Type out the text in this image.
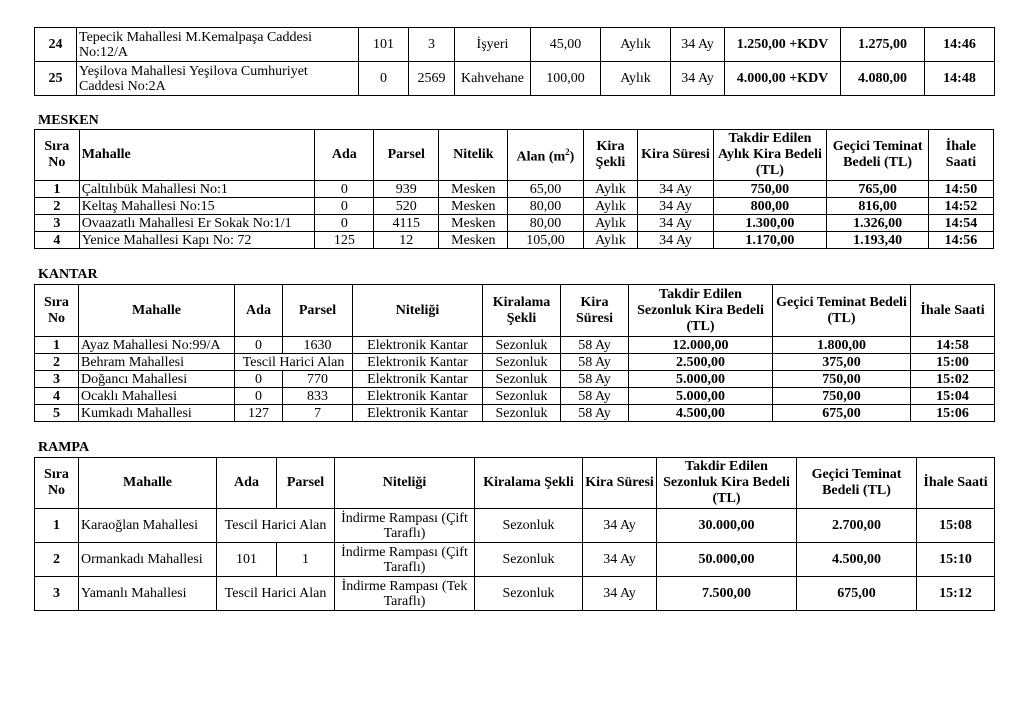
24	Tepecik Mahallesi M.Kemalpaşa Caddesi No:12/A	101	3	İşyeri	45,00	Aylık	34 Ay	1.250,00 +KDV	1.275,00	14:46
25	Yeşilova Mahallesi Yeşilova Cumhuriyet Caddesi No:2A	0	2569	Kahvehane	100,00	Aylık	34 Ay	4.000,00 +KDV	4.080,00	14:48
MESKEN
Sıra No	Mahalle	Ada	Parsel	Nitelik	Alan $(m^2)$	Kira Şekli	Kira Süresi	Takdir Edilen Aylık Kira Bedeli (TL)	Geçici Teminat Bedeli (TL)	İhale Saati
1	Çaltılıbük Mahallesi No:1	0	939	Mesken	65,00	Aylık	34 Ay	750,00	765,00	14:50
2	Keltaş Mahallesi No:15	0	520	Mesken	80,00	Aylık	34 Ay	800,00	816,00	14:52
3	Ovaazatlı Mahallesi Er Sokak No:1/1	0	4115	Mesken	80,00	Aylık	34 Ay	1.300,00	1.326,00	14:54
4	Yenice Mahallesi Kapı No: 72	125	12	Mesken	105,00	Aylık	34 Ay	1.170,00	1.193,40	14:56
KANTAR
Sıra No	Mahalle	Ada	Parsel	Niteliği	Kiralama Şekli	Kira Süresi	Takdir Edilen Sezonluk Kira Bedeli (TL)	Geçici Teminat Bedeli (TL)	İhale Saati
1	Ayaz Mahallesi No:99/A	0	1630	Elektronik Kantar	Sezonluk	58 Ay	12.000,00	1.800,00	14:58
2	Behram Mahallesi	Tescil Harici Alan		Elektronik Kantar	Sezonluk	58 Ay	2.500,00	375,00	15:00
3	Doğancı Mahallesi	0	770	Elektronik Kantar	Sezonluk	58 Ay	5.000,00	750,00	15:02
4	Ocaklı Mahallesi	0	833	Elektronik Kantar	Sezonluk	58 Ay	5.000,00	750,00	15:04
5	Kumkadı Mahallesi	127	7	Elektronik Kantar	Sezonluk	58 Ay	4.500,00	675,00	15:06
RAMPA
Sıra No	Mahalle	Ada	Parsel	Niteliği	Kiralama Şekli	Kira Süresi	Takdir Edilen Sezonluk Kira Bedeli (TL)	Geçici Teminat Bedeli (TL)	İhale Saati
1	Karaoğlan Mahallesi	Tescil Harici Alan		İndirme Rampası (Çift Taraflı)	Sezonluk	34 Ay	30.000,00	2.700,00	15:08
2	Ormankadı Mahallesi	101	1	İndirme Rampası (Çift Taraflı)	Sezonluk	34 Ay	50.000,00	4.500,00	15:10
3	Yamanlı Mahallesi	Tescil Harici Alan		İndirme Rampası (Tek Taraflı)	Sezonluk	34 Ay	7.500,00	675,00	15:12
